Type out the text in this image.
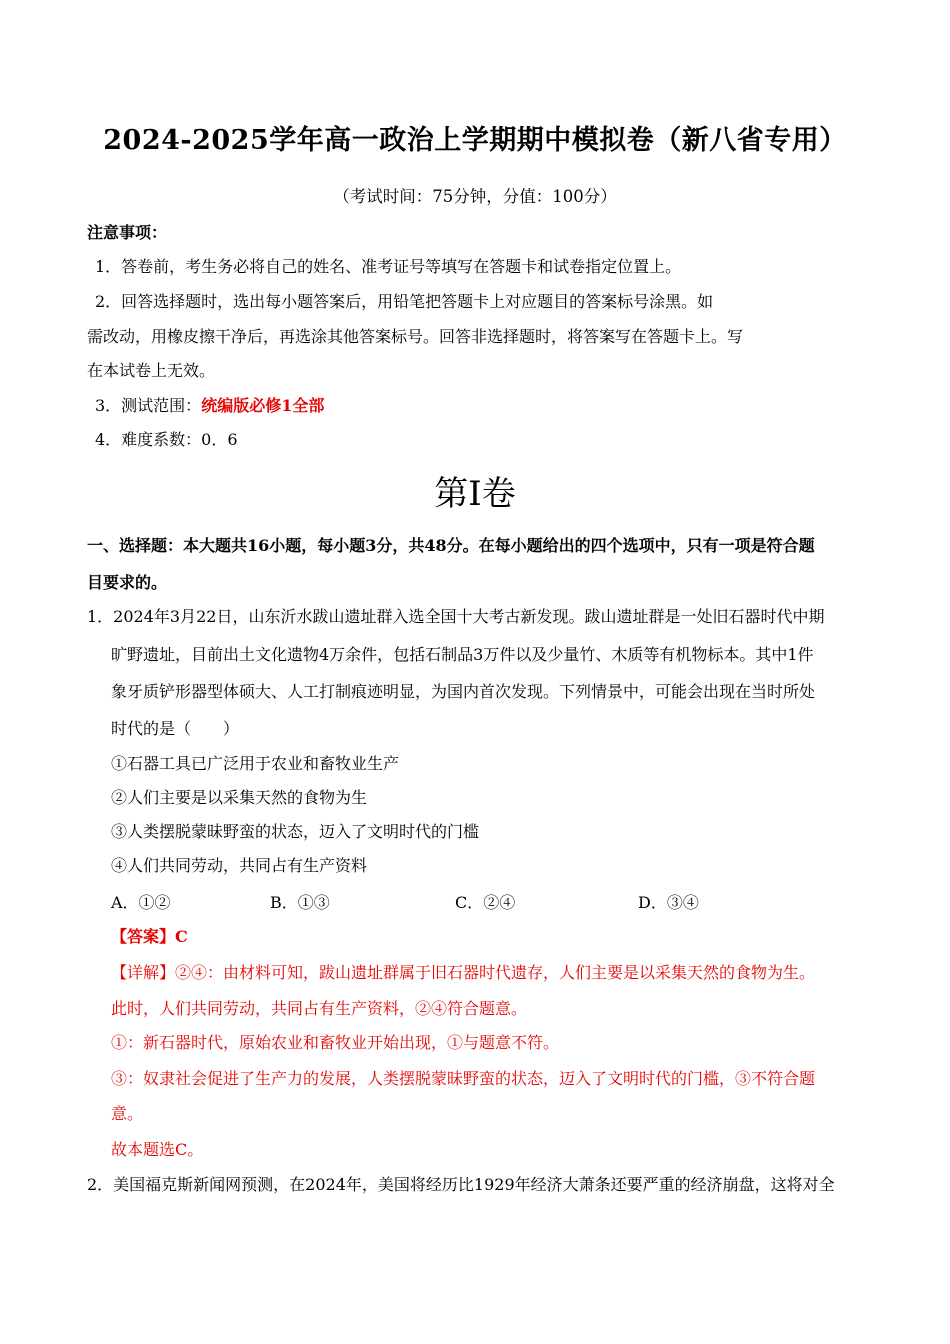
2024-2025学年高一政治上学期期中模拟卷（新八省专用）
（考试时间：75分钟，分值：100分）
注意事项：
1．答卷前，考生务必将自己的姓名、准考证号等填写在答题卡和试卷指定位置上。
2．回答选择题时，选出每小题答案后，用铅笔把答题卡上对应题目的答案标号涂黑。如
需改动，用橡皮擦干净后，再选涂其他答案标号。回答非选择题时，将答案写在答题卡上。写
在本试卷上无效。
3．测试范围：统编版必修1全部
4．难度系数：0．6
第Ⅰ卷
一、选择题：本大题共16小题，每小题3分，共48分。在每小题给出的四个选项中，只有一项是符合题
目要求的。
1．2024年3月22日，山东沂水跋山遗址群入选全国十大考古新发现。跋山遗址群是一处旧石器时代中期
旷野遗址，目前出土文化遗物4万余件，包括石制品3万件以及少量竹、木质等有机物标本。其中1件
象牙质铲形器型体硕大、人工打制痕迹明显，为国内首次发现。下列情景中，可能会出现在当时所处
时代的是（　　）
①石器工具已广泛用于农业和畜牧业生产
②人们主要是以采集天然的食物为生
③人类摆脱蒙昧野蛮的状态，迈入了文明时代的门槛
④人们共同劳动，共同占有生产资料
A．①②	B．①③	C．②④	D．③④
【答案】C
【详解】②④：由材料可知，跋山遗址群属于旧石器时代遗存，人们主要是以采集天然的食物为生。
此时，人们共同劳动，共同占有生产资料，②④符合题意。
①：新石器时代，原始农业和畜牧业开始出现，①与题意不符。
③：奴隶社会促进了生产力的发展，人类摆脱蒙昧野蛮的状态，迈入了文明时代的门槛，③不符合题
意。
故本题选C。
2．美国福克斯新闻网预测，在2024年，美国将经历比1929年经济大萧条还要严重的经济崩盘，这将对全
